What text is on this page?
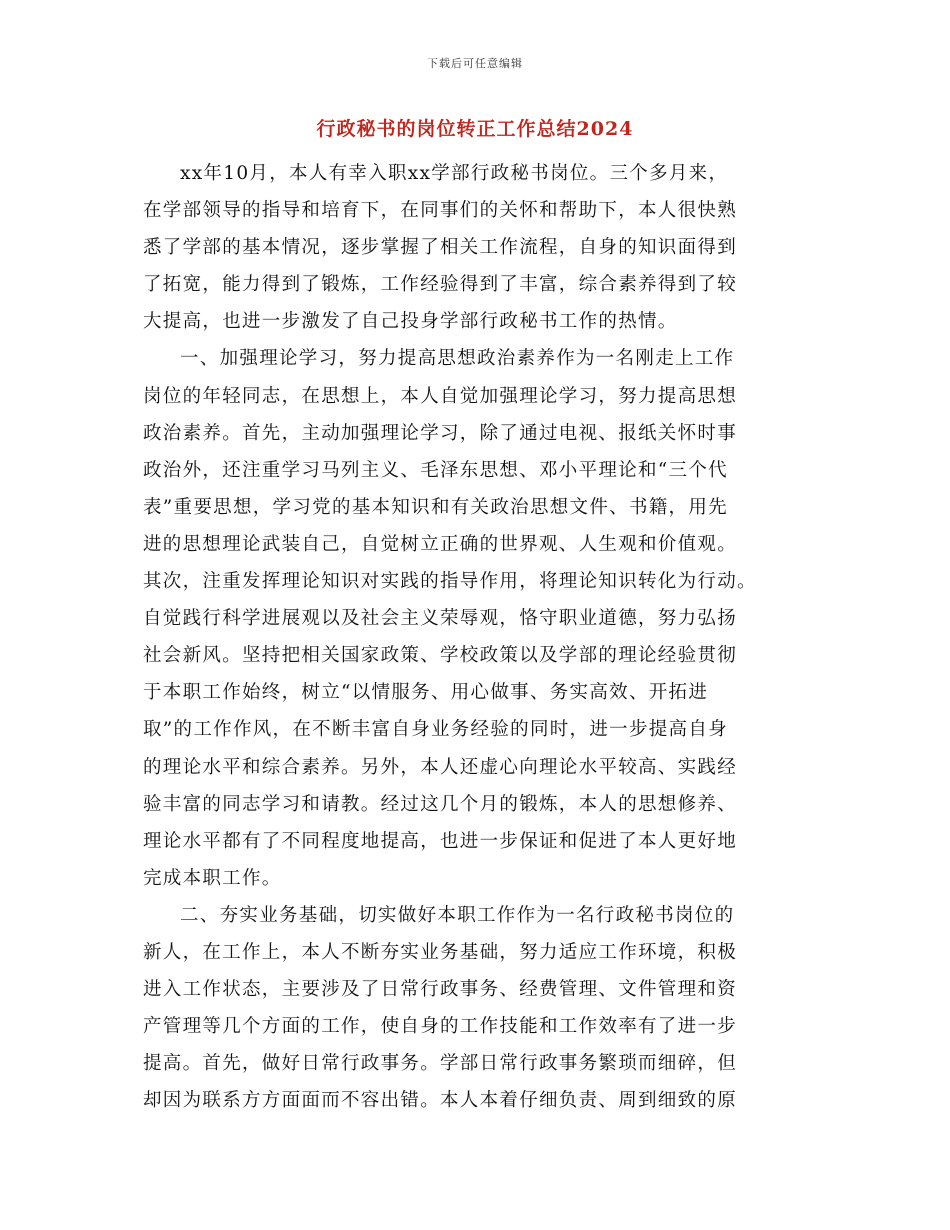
下载后可任意编辑
行政秘书的岗位转正工作总结2024
xx年10月，本人有幸入职xx学部行政秘书岗位。三个多月来，
在学部领导的指导和培育下，在同事们的关怀和帮助下，本人很快熟
悉了学部的基本情况，逐步掌握了相关工作流程，自身的知识面得到
了拓宽，能力得到了锻炼，工作经验得到了丰富，综合素养得到了较
大提高，也进一步激发了自己投身学部行政秘书工作的热情。
一、加强理论学习，努力提高思想政治素养作为一名刚走上工作
岗位的年轻同志，在思想上，本人自觉加强理论学习，努力提高思想
政治素养。首先，主动加强理论学习，除了通过电视、报纸关怀时事
政治外，还注重学习马列主义、毛泽东思想、邓小平理论和“三个代
表”重要思想，学习党的基本知识和有关政治思想文件、书籍，用先
进的思想理论武装自己，自觉树立正确的世界观、人生观和价值观。
其次，注重发挥理论知识对实践的指导作用，将理论知识转化为行动。
自觉践行科学进展观以及社会主义荣辱观，恪守职业道德，努力弘扬
社会新风。坚持把相关国家政策、学校政策以及学部的理论经验贯彻
于本职工作始终，树立“以情服务、用心做事、务实高效、开拓进
取”的工作作风，在不断丰富自身业务经验的同时，进一步提高自身
的理论水平和综合素养。另外，本人还虚心向理论水平较高、实践经
验丰富的同志学习和请教。经过这几个月的锻炼，本人的思想修养、
理论水平都有了不同程度地提高，也进一步保证和促进了本人更好地
完成本职工作。
二、夯实业务基础，切实做好本职工作作为一名行政秘书岗位的
新人，在工作上，本人不断夯实业务基础，努力适应工作环境，积极
进入工作状态，主要涉及了日常行政事务、经费管理、文件管理和资
产管理等几个方面的工作，使自身的工作技能和工作效率有了进一步
提高。首先，做好日常行政事务。学部日常行政事务繁琐而细碎，但
却因为联系方方面面而不容出错。本人本着仔细负责、周到细致的原
